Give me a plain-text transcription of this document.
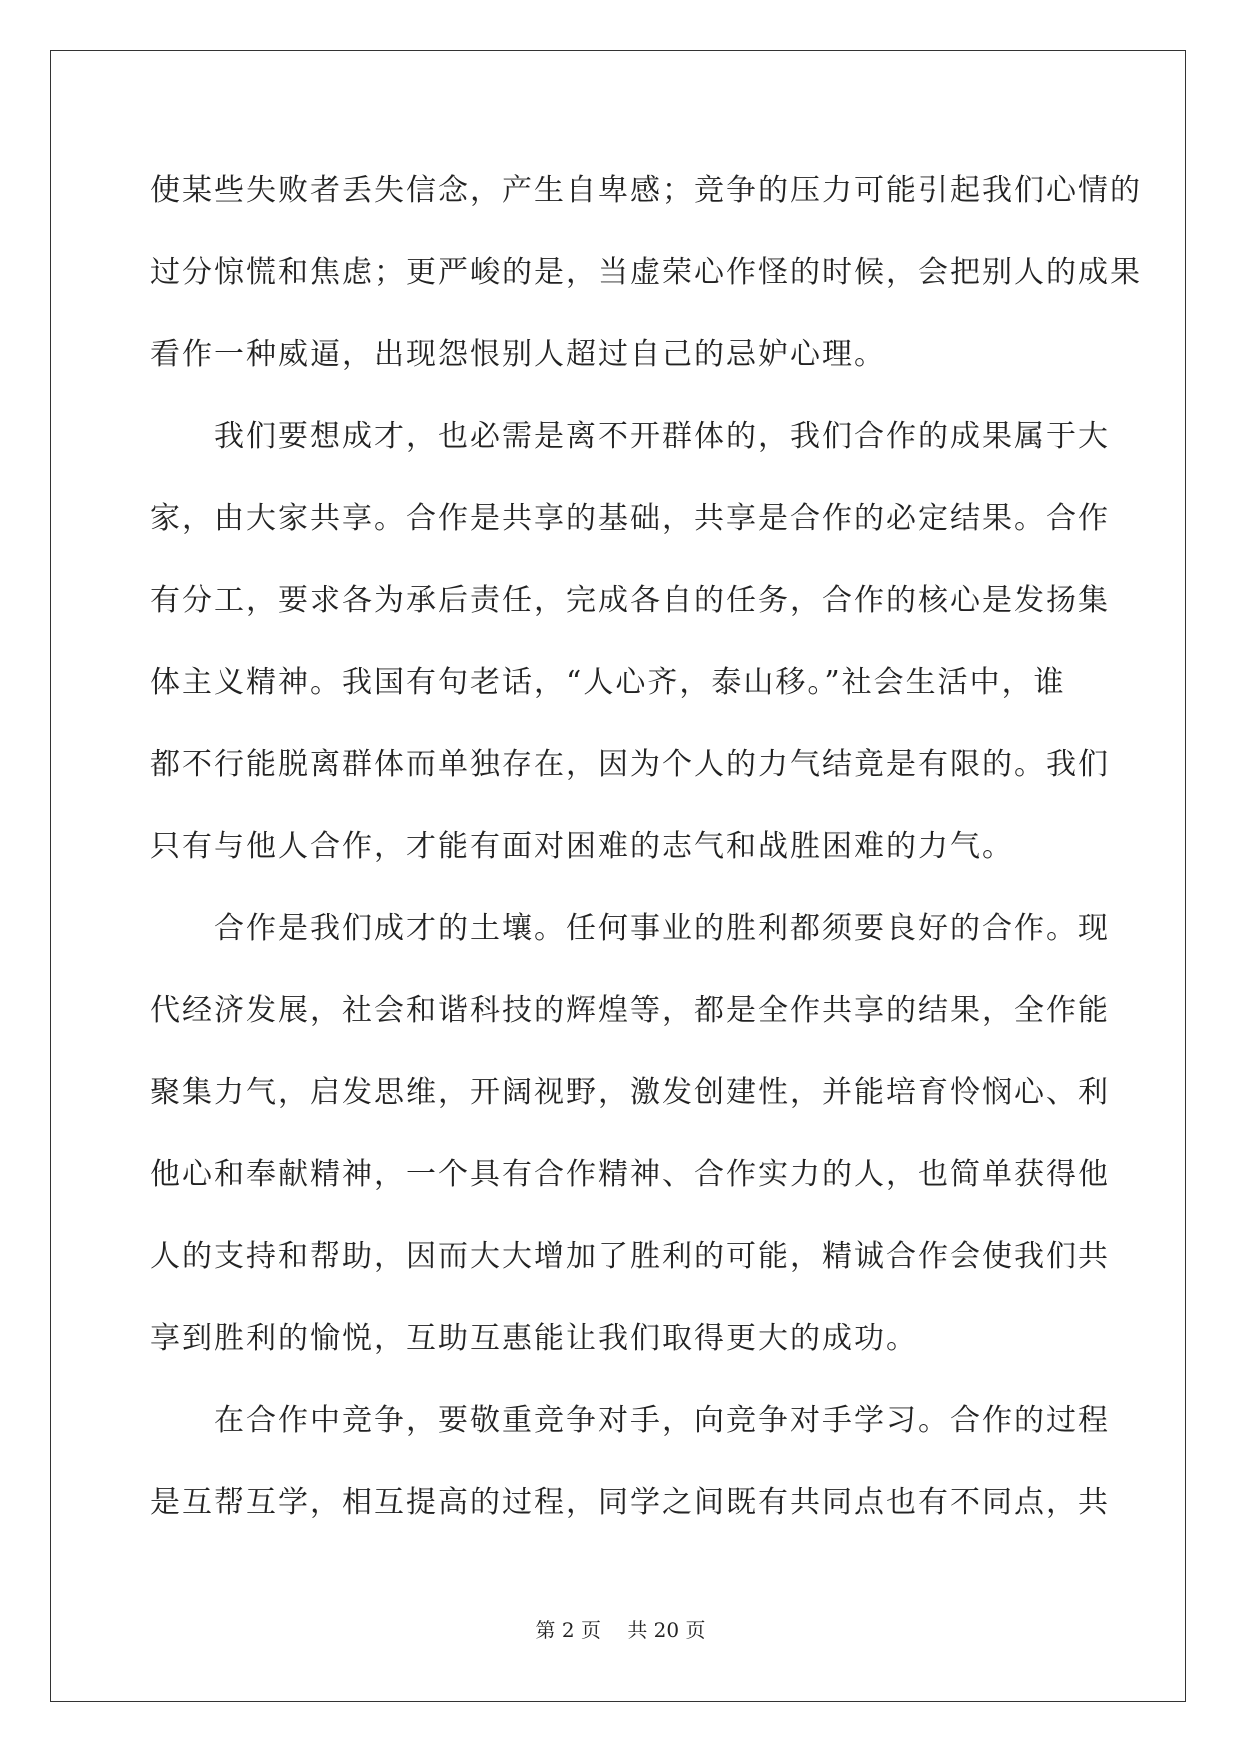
使某些失败者丢失信念，产生自卑感；竞争的压力可能引起我们心情的
过分惊慌和焦虑；更严峻的是，当虚荣心作怪的时候，会把别人的成果
看作一种威逼，出现怨恨别人超过自己的忌妒心理。
　　我们要想成才，也必需是离不开群体的，我们合作的成果属于大
家，由大家共享。合作是共享的基础，共享是合作的必定结果。合作
有分工，要求各为承后责任，完成各自的任务，合作的核心是发扬集
体主义精神。我国有句老话，“人心齐，泰山移。”社会生活中，谁
都不行能脱离群体而单独存在，因为个人的力气结竟是有限的。我们
只有与他人合作，才能有面对困难的志气和战胜困难的力气。
　　合作是我们成才的土壤。任何事业的胜利都须要良好的合作。现
代经济发展，社会和谐科技的辉煌等，都是全作共享的结果，全作能
聚集力气，启发思维，开阔视野，激发创建性，并能培育怜悯心、利
他心和奉献精神，一个具有合作精神、合作实力的人，也简单获得他
人的支持和帮助，因而大大增加了胜利的可能，精诚合作会使我们共
享到胜利的愉悦，互助互惠能让我们取得更大的成功。
　　在合作中竞争，要敬重竞争对手，向竞争对手学习。合作的过程
是互帮互学，相互提高的过程，同学之间既有共同点也有不同点，共
第 2 页 共 20 页
